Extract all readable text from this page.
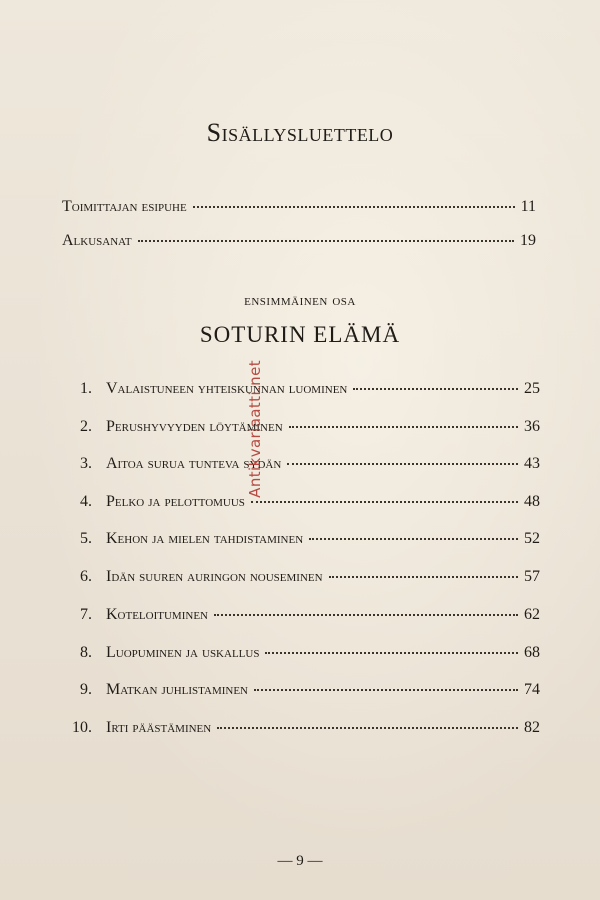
Sisällysluettelo
Toimittajan esipuhe	11
Alkusanat	19
ensimmäinen osa
SOTURIN ELÄMÄ
1. Valaistuneen yhteiskunnan luominen	25
2. Perushyvyyden löytäminen	36
3. Aitoa surua tunteva sydän	43
4. Pelko ja pelottomuus	48
5. Kehon ja mielen tahdistaminen	52
6. Idän suuren auringon nouseminen	57
7. Koteloituminen	62
8. Luopuminen ja uskallus	68
9. Matkan juhlistaminen	74
10. Irti päästäminen	82
— 9 —
Antikvariaatti.net
